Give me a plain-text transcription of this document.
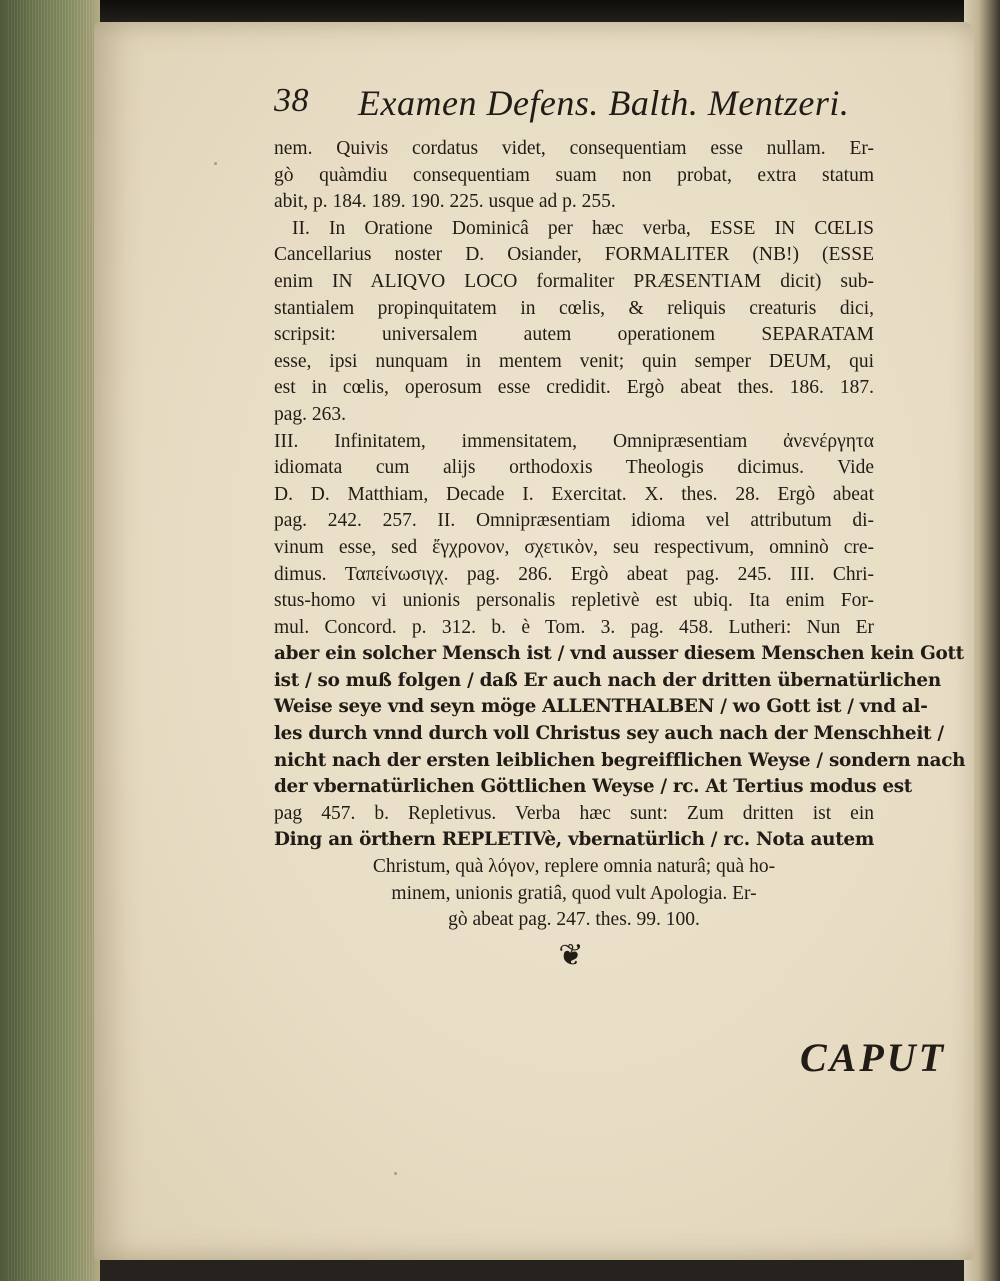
38 Examen Defens. Balth. Mentzeri.
nem. Quivis cordatus videt, consequentiam esse nullam. Er-
gò quàmdiu consequentiam suam non probat, extra statum
abit, p. 184. 189. 190. 225. usque ad p. 255.
II. In Oratione Dominicâ per hæc verba, ESSE IN CŒLIS
Cancellarius noster D. Osiander, FORMALITER (NB!) (ESSE
enim IN ALIQVO LOCO formaliter PRÆSENTIAM dicit) sub-
stantialem propinquitatem in cœlis, & reliquis creaturis dici,
scripsit: universalem autem operationem SEPARATAM
esse, ipsi nunquam in mentem venit; quin semper DEUM, qui
est in cœlis, operosum esse credidit. Ergò abeat thes. 186. 187.
pag. 263.
III. Infinitatem, immensitatem, Omnipræsentiam ἀνενέργητα
idiomata cum alijs orthodoxis Theologis dicimus. Vide
D. D. Matthiam, Decade I. Exercitat. X. thes. 28. Ergò abeat
pag. 242. 257. II. Omnipræsentiam idioma vel attributum di-
vinum esse, sed ἔγχρονον, σχετικὸν, seu respectivum, omninò cre-
dimus. Ταπείνωσιγχ. pag. 286. Ergò abeat pag. 245. III. Chri-
stus-homo vi unionis personalis repletivè est ubiq. Ita enim For-
mul. Concord. p. 312. b. è Tom. 3. pag. 458. Lutheri: Nun Er
aber ein solcher Mensch ist / vnd ausser diesem Menschen kein Gott
ist / so muß folgen / daß Er auch nach der dritten übernatürlichen
Weise seye vnd seyn möge ALLENTHALBEN / wo Gott ist / vnd al-
les durch vnnd durch voll Christus sey auch nach der Menschheit /
nicht nach der ersten leiblichen begreifflichen Weyse / sondern nach
der vbernatürlichen Göttlichen Weyse / rc. At Tertius modus est
pag 457. b. Repletivus. Verba hæc sunt: Zum dritten ist ein
Ding an örthern REPLETIVè, vbernatürlich / rc. Nota autem
Christum, quà λόγον, replere omnia naturâ; quà ho-
minem, unionis gratiâ, quod vult Apologia. Er-
gò abeat pag. 247. thes. 99. 100.
❦
CAPUT
